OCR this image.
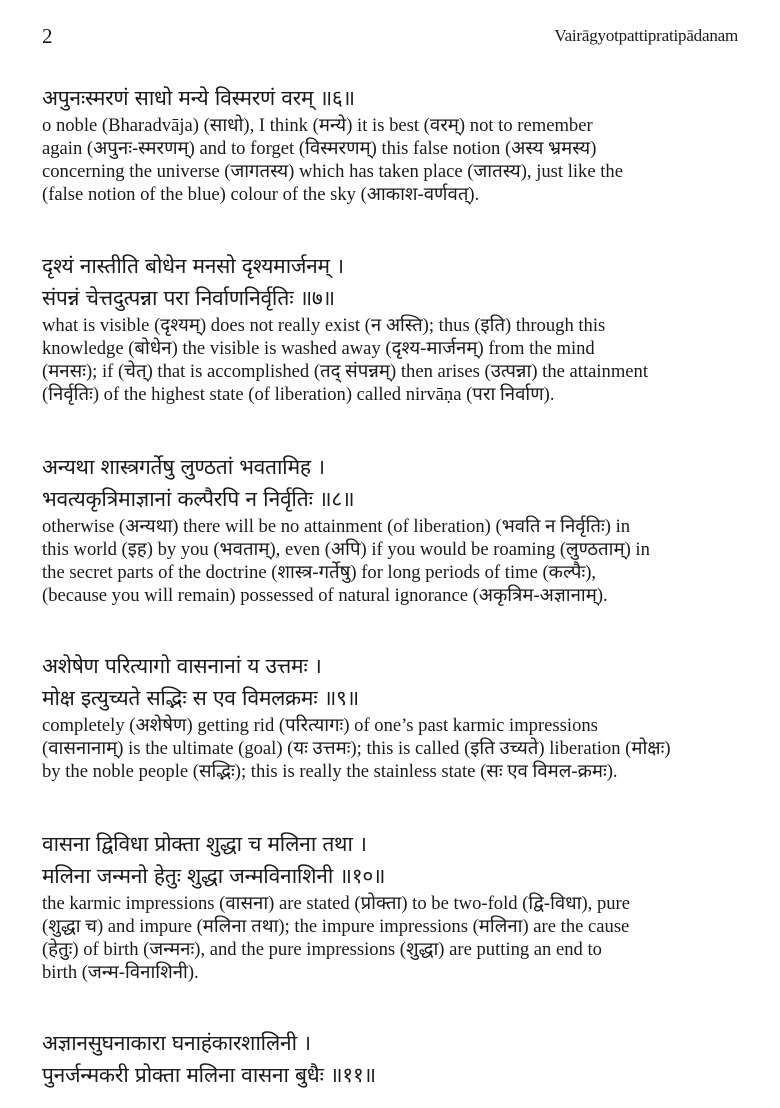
2	Vairāgyotpattipratipādanam
अपुनःस्मरणं साधो मन्ये विस्मरणं वरम् ॥६॥
o noble (Bharadvāja) (साधो), I think (मन्ये) it is best (वरम्) not to remember
again (अपुनः-स्मरणम्) and to forget (विस्मरणम्) this false notion (अस्य भ्रमस्य)
concerning the universe (जागतस्य) which has taken place (जातस्य), just like the
(false notion of the blue) colour of the sky (आकाश-वर्णवत्).
दृश्यं नास्तीति बोधेन मनसो दृश्यमार्जनम् ।
संपन्नं चेत्तदुत्पन्ना परा निर्वाणनिर्वृतिः ॥७॥
what is visible (दृश्यम्) does not really exist (न अस्ति); thus (इति) through this
knowledge (बोधेन) the visible is washed away (दृश्य-मार्जनम्) from the mind
(मनसः); if (चेत्) that is accomplished (तद् संपन्नम्) then arises (उत्पन्ना) the attainment
(निर्वृतिः) of the highest state (of liberation) called nirvāṇa (परा निर्वाण).
अन्यथा शास्त्रगर्तेषु लुण्ठतां भवतामिह ।
भवत्यकृत्रिमाज्ञानां कल्पैरपि न निर्वृतिः ॥८॥
otherwise (अन्यथा) there will be no attainment (of liberation) (भवति न निर्वृतिः) in
this world (इह) by you (भवताम्), even (अपि) if you would be roaming (लुण्ठताम्) in
the secret parts of the doctrine (शास्त्र-गर्तेषु) for long periods of time (कल्पैः),
(because you will remain) possessed of natural ignorance (अकृत्रिम-अज्ञानाम्).
अशेषेण परित्यागो वासनानां य उत्तमः ।
मोक्ष इत्युच्यते सद्भिः स एव विमलक्रमः ॥९॥
completely (अशेषेण) getting rid (परित्यागः) of one’s past karmic impressions
(वासनानाम्) is the ultimate (goal) (यः उत्तमः); this is called (इति उच्यते) liberation (मोक्षः)
by the noble people (सद्भिः); this is really the stainless state (सः एव विमल-क्रमः).
वासना द्विविधा प्रोक्ता शुद्धा च मलिना तथा ।
मलिना जन्मनो हेतुः शुद्धा जन्मविनाशिनी ॥१०॥
the karmic impressions (वासना) are stated (प्रोक्ता) to be two-fold (द्वि-विधा), pure
(शुद्धा च) and impure (मलिना तथा); the impure impressions (मलिना) are the cause
(हेतुः) of birth (जन्मनः), and the pure impressions (शुद्धा) are putting an end to
birth (जन्म-विनाशिनी).
अज्ञानसुघनाकारा घनाहंकारशालिनी ।
पुनर्जन्मकरी प्रोक्ता मलिना वासना बुधैः ॥११॥
